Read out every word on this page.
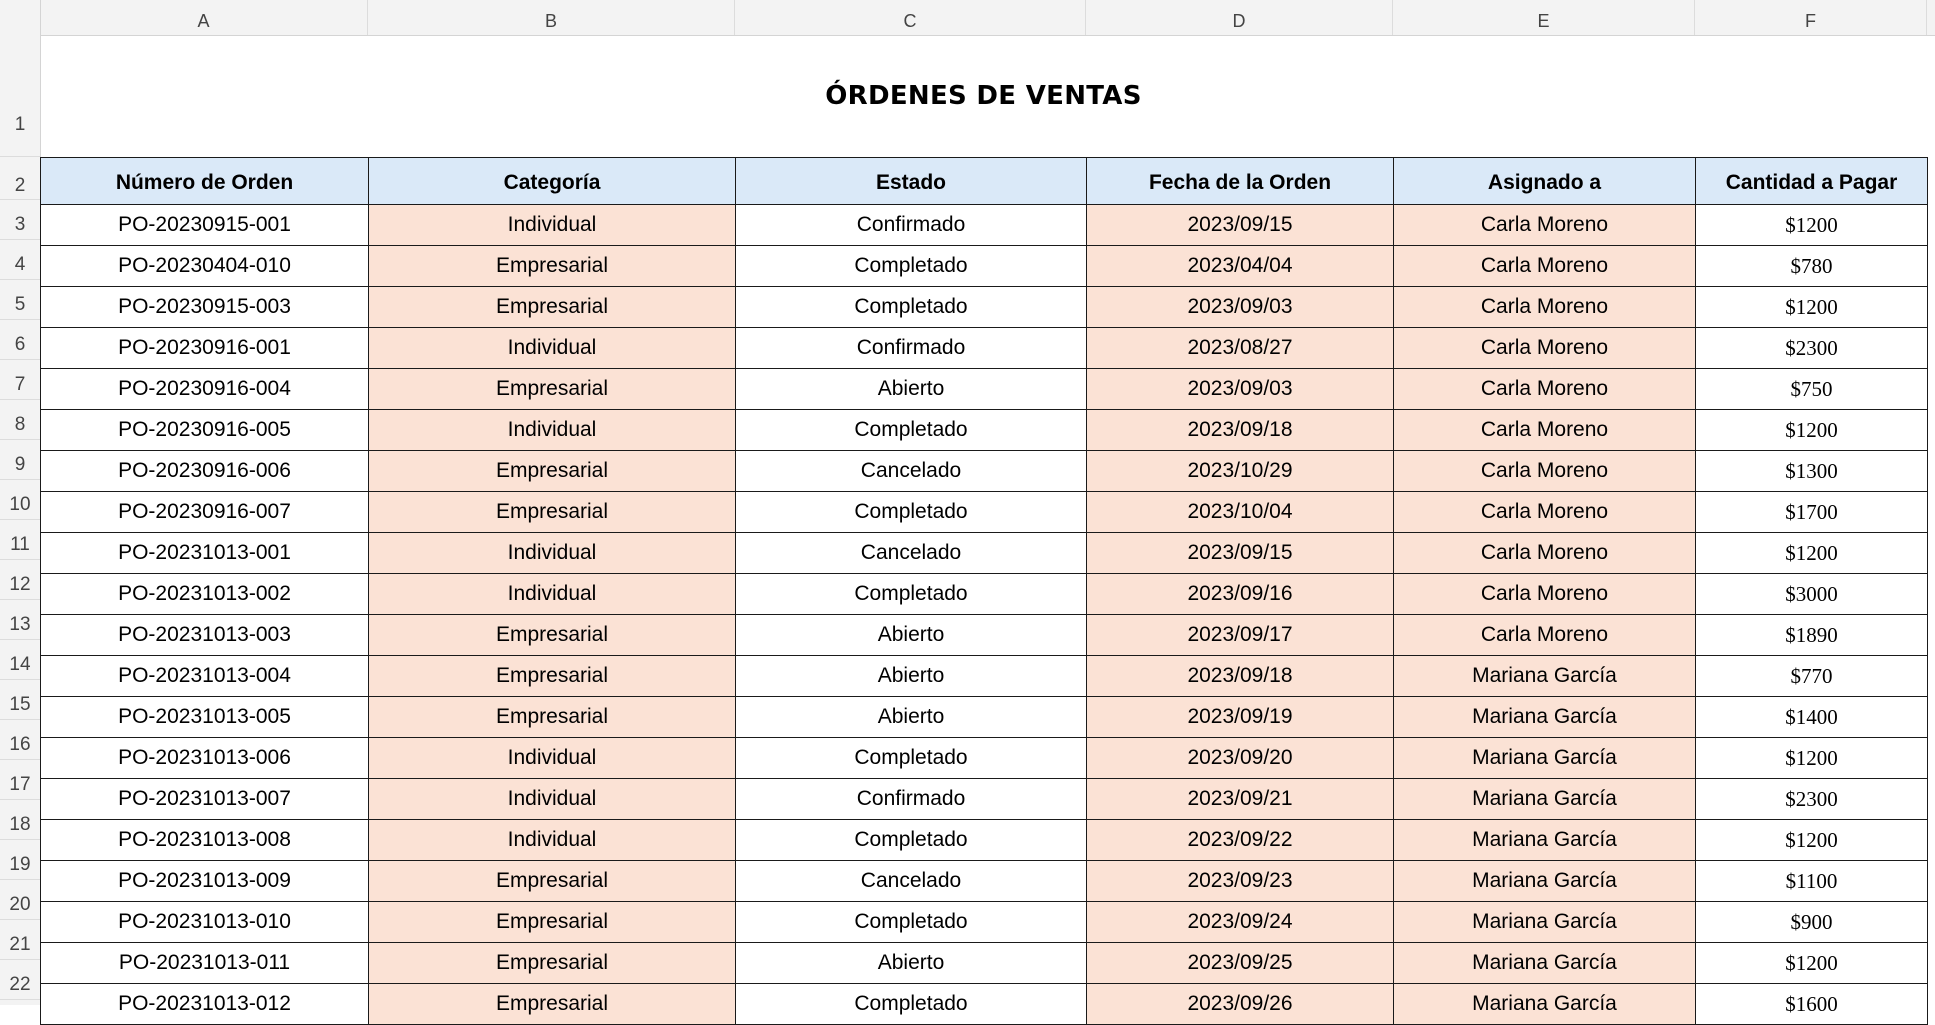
A	B	C	D	E	F
1
2
3
4
5
6
7
8
9
10
11
12
13
14
15
16
17
18
19
20
21
22
ÓRDENES DE VENTAS
Número de Orden	Categoría	Estado	Fecha de la Orden	Asignado a	Cantidad a Pagar
PO-20230915-001	Individual	Confirmado	2023/09/15	Carla Moreno	$1200
PO-20230404-010	Empresarial	Completado	2023/04/04	Carla Moreno	$780
PO-20230915-003	Empresarial	Completado	2023/09/03	Carla Moreno	$1200
PO-20230916-001	Individual	Confirmado	2023/08/27	Carla Moreno	$2300
PO-20230916-004	Empresarial	Abierto	2023/09/03	Carla Moreno	$750
PO-20230916-005	Individual	Completado	2023/09/18	Carla Moreno	$1200
PO-20230916-006	Empresarial	Cancelado	2023/10/29	Carla Moreno	$1300
PO-20230916-007	Empresarial	Completado	2023/10/04	Carla Moreno	$1700
PO-20231013-001	Individual	Cancelado	2023/09/15	Carla Moreno	$1200
PO-20231013-002	Individual	Completado	2023/09/16	Carla Moreno	$3000
PO-20231013-003	Empresarial	Abierto	2023/09/17	Carla Moreno	$1890
PO-20231013-004	Empresarial	Abierto	2023/09/18	Mariana García	$770
PO-20231013-005	Empresarial	Abierto	2023/09/19	Mariana García	$1400
PO-20231013-006	Individual	Completado	2023/09/20	Mariana García	$1200
PO-20231013-007	Individual	Confirmado	2023/09/21	Mariana García	$2300
PO-20231013-008	Individual	Completado	2023/09/22	Mariana García	$1200
PO-20231013-009	Empresarial	Cancelado	2023/09/23	Mariana García	$1100
PO-20231013-010	Empresarial	Completado	2023/09/24	Mariana García	$900
PO-20231013-011	Empresarial	Abierto	2023/09/25	Mariana García	$1200
PO-20231013-012	Empresarial	Completado	2023/09/26	Mariana García	$1600
